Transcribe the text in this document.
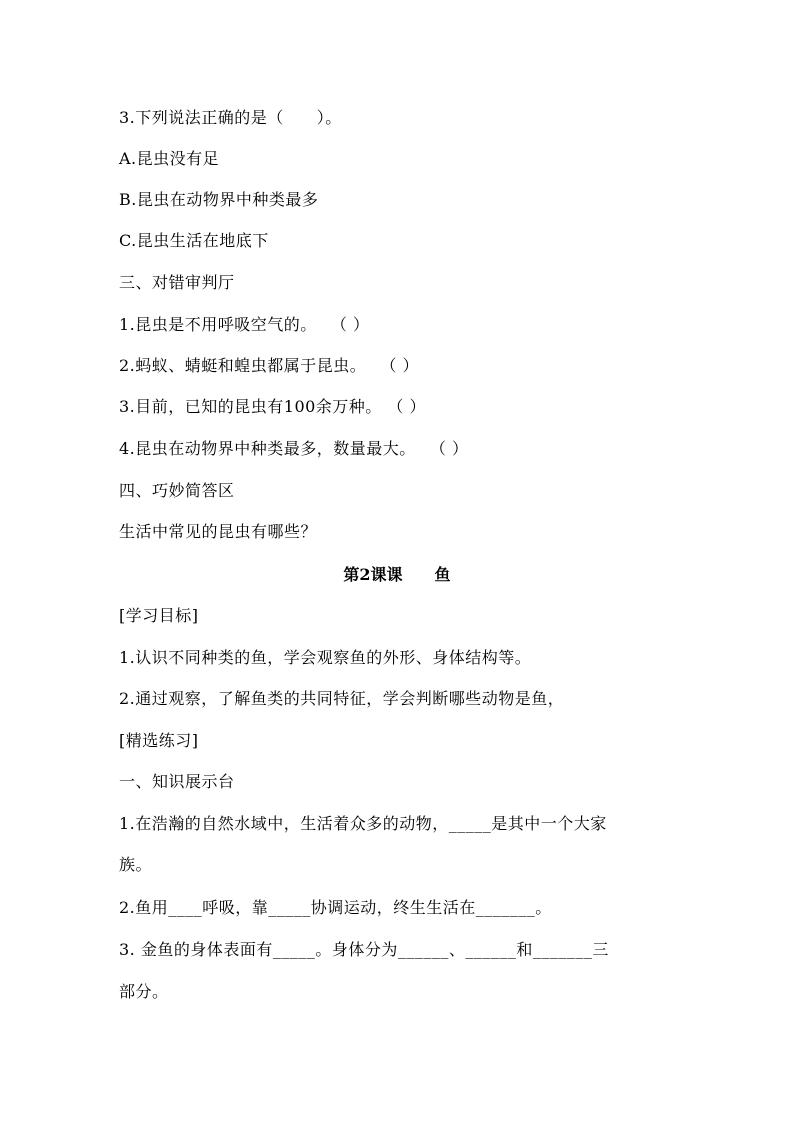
3.下列说法正确的是（　　）。
A.昆虫没有足
B.昆虫在动物界中种类最多
C.昆虫生活在地底下
三、对错审判厅
1.昆虫是不用呼吸空气的。　 （ ）
2.蚂蚁、蜻蜓和蝗虫都属于昆虫。　 （ ）
3.目前，已知的昆虫有100余万种。 （ ）
4.昆虫在动物界中种类最多，数量最大。　 （ ）
四、巧妙简答区
生活中常见的昆虫有哪些？
第2课课　　鱼
[学习目标]
1.认识不同种类的鱼，学会观察鱼的外形、身体结构等。
2.通过观察，了解鱼类的共同特征，学会判断哪些动物是鱼，
[精选练习]
一、知识展示台
1.在浩瀚的自然水域中，生活着众多的动物，_____是其中一个大家
族。
2.鱼用____呼吸，靠_____协调运动，终生生活在_______。
3. 金鱼的身体表面有_____。身体分为______、______和_______三
部分。
